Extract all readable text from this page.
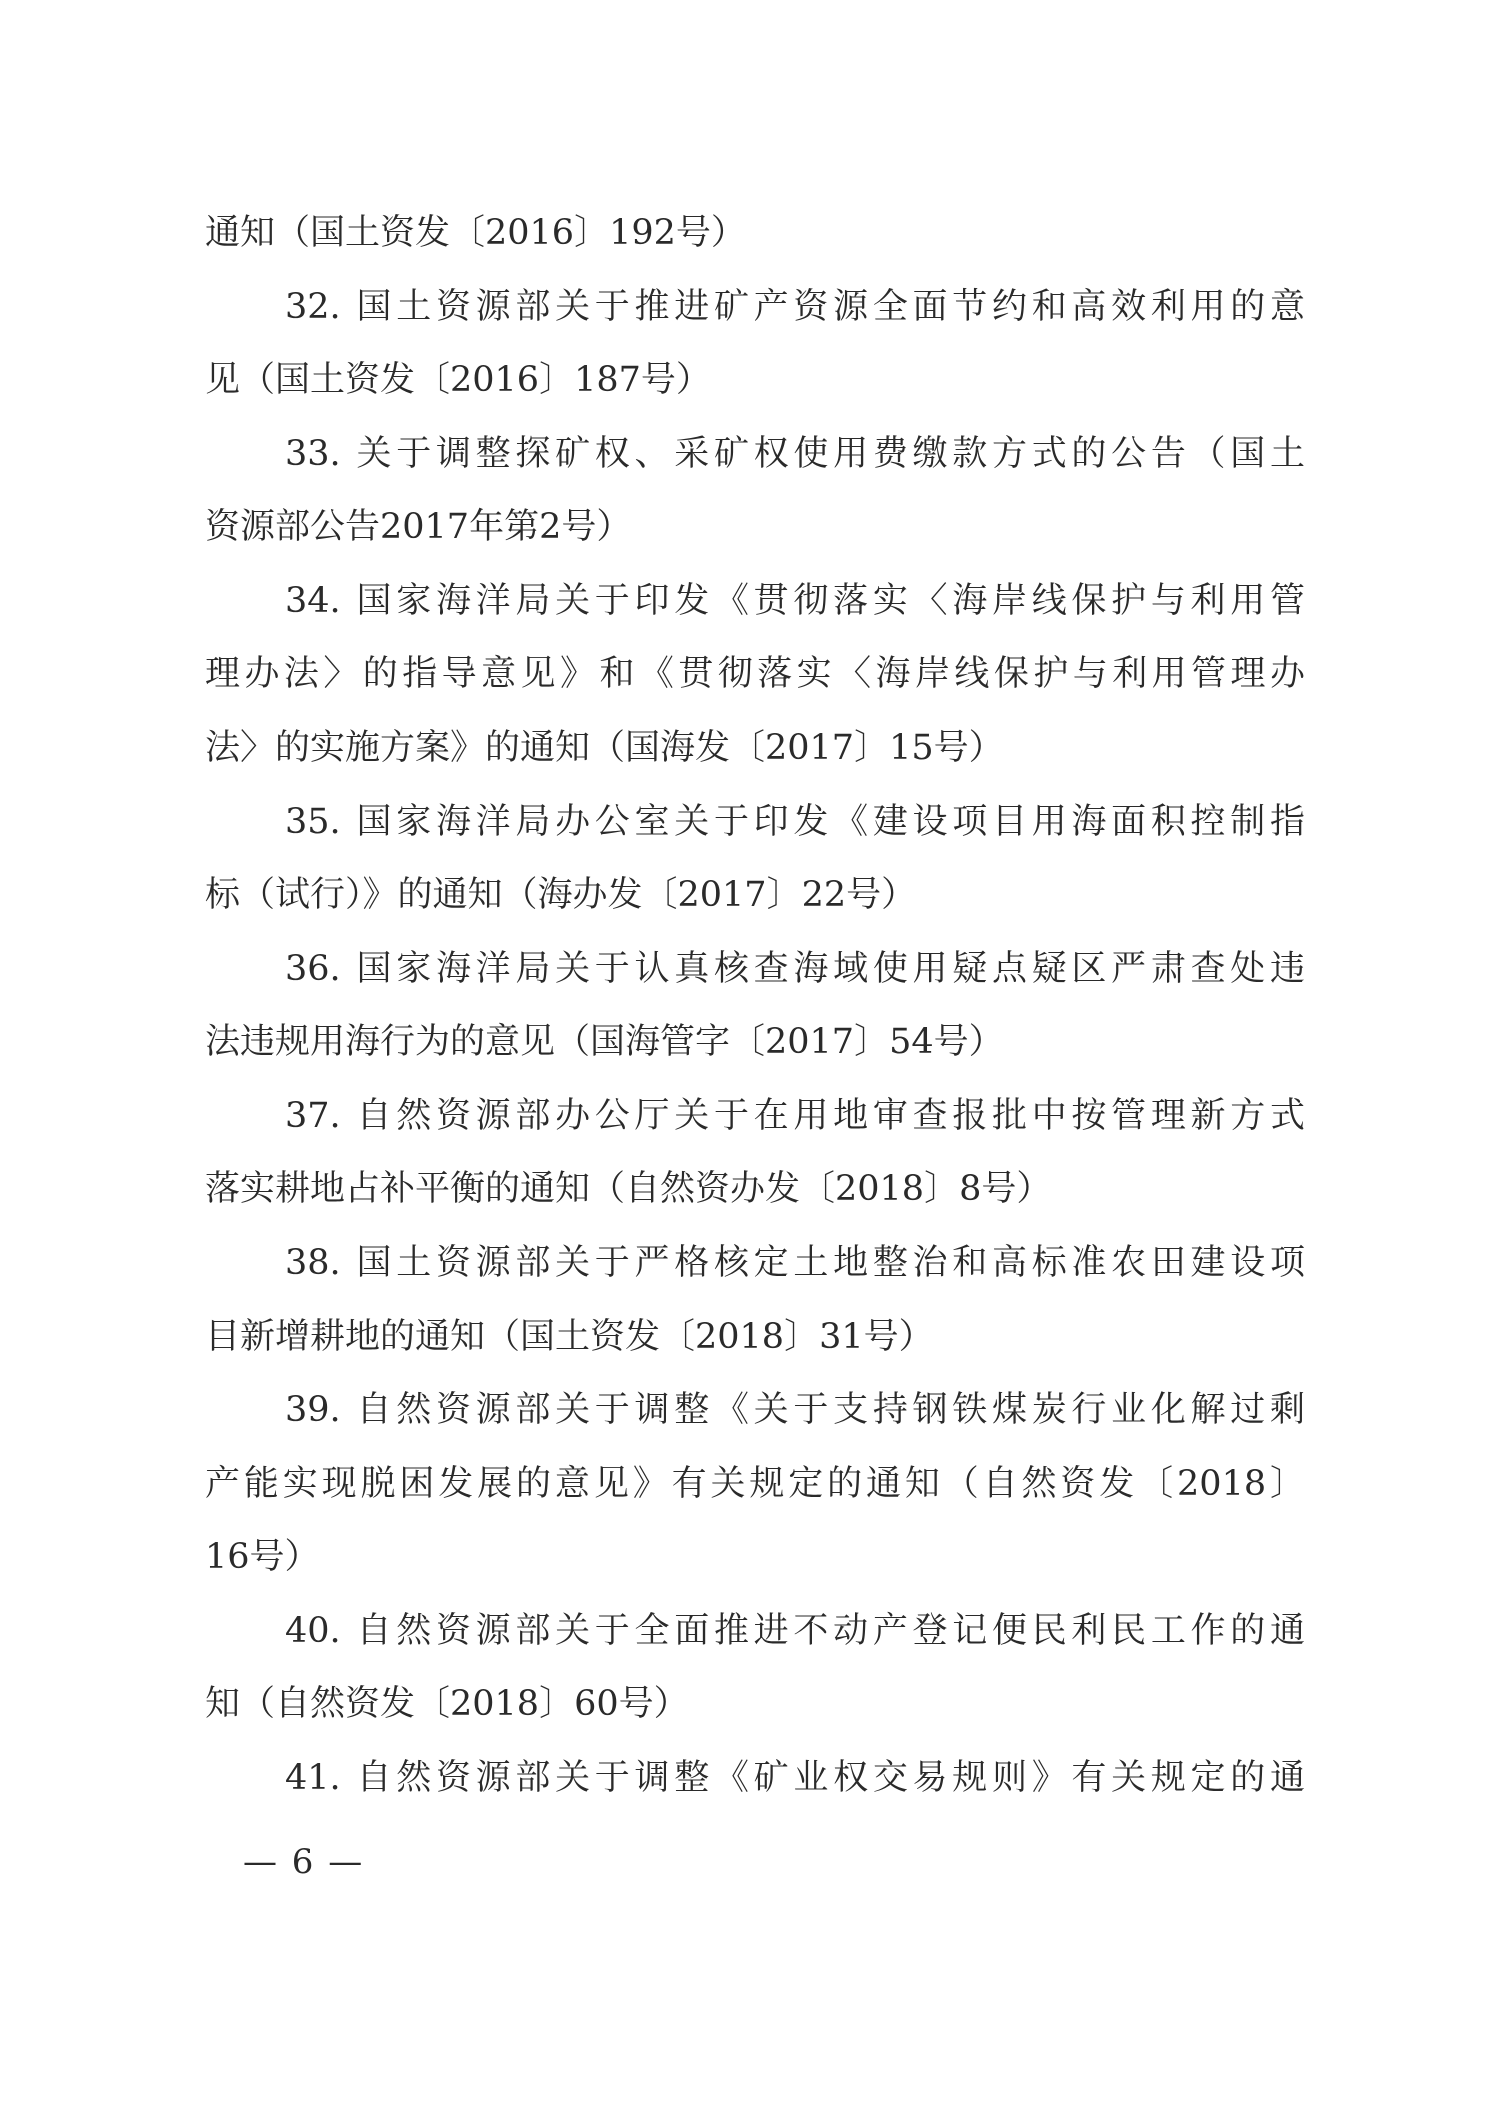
通知（国土资发〔2016〕192号）
32. 国土资源部关于推进矿产资源全面节约和高效利用的意
见（国土资发〔2016〕187号）
33. 关于调整探矿权、采矿权使用费缴款方式的公告（国土
资源部公告2017年第2号）
34. 国家海洋局关于印发《贯彻落实〈海岸线保护与利用管
理办法〉的指导意见》和《贯彻落实〈海岸线保护与利用管理办
法〉的实施方案》的通知（国海发〔2017〕15号）
35. 国家海洋局办公室关于印发《建设项目用海面积控制指
标（试行）》的通知（海办发〔2017〕22号）
36. 国家海洋局关于认真核查海域使用疑点疑区严肃查处违
法违规用海行为的意见（国海管字〔2017〕54号）
37. 自然资源部办公厅关于在用地审查报批中按管理新方式
落实耕地占补平衡的通知（自然资办发〔2018〕8号）
38. 国土资源部关于严格核定土地整治和高标准农田建设项
目新增耕地的通知（国土资发〔2018〕31号）
39. 自然资源部关于调整《关于支持钢铁煤炭行业化解过剩
产能实现脱困发展的意见》有关规定的通知（自然资发〔2018〕
16号）
40. 自然资源部关于全面推进不动产登记便民利民工作的通
知（自然资发〔2018〕60号）
41. 自然资源部关于调整《矿业权交易规则》有关规定的通
— 6 —
